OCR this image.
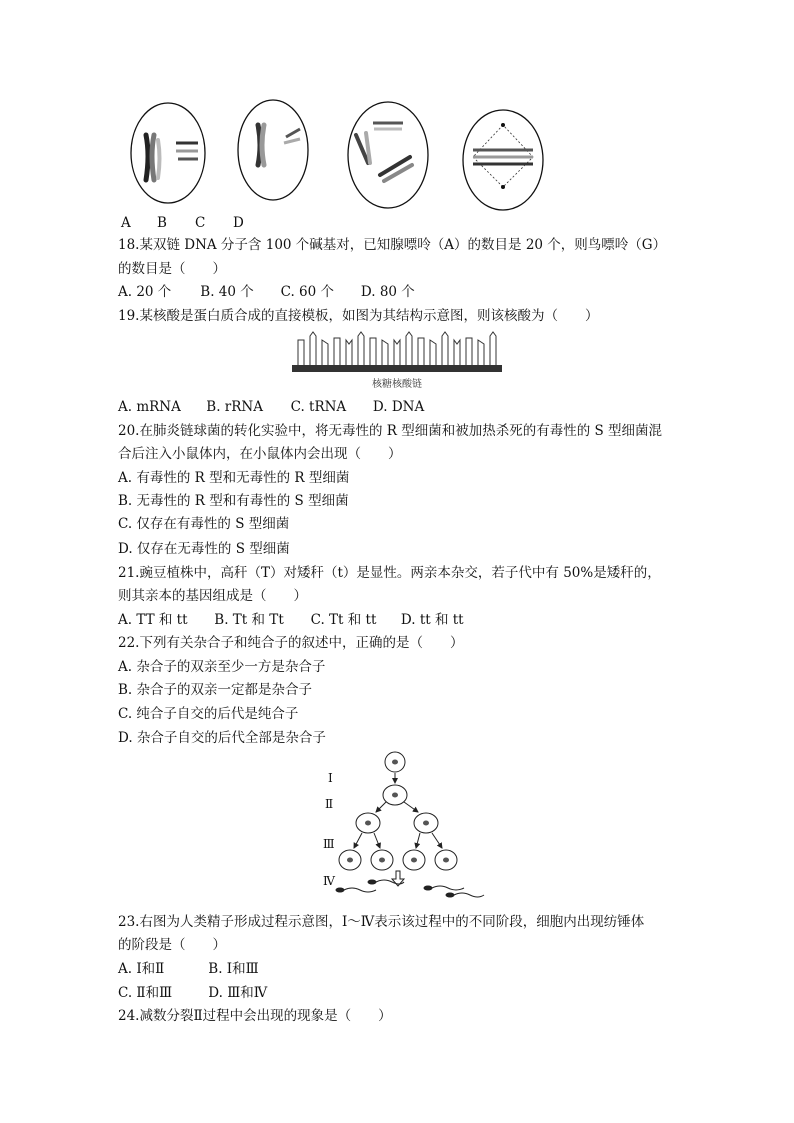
A B C D
18.某双链 DNA 分子含 100 个碱基对，已知腺嘌呤（A）的数目是 20 个，则鸟嘌呤（G）
的数目是（　　）
A. 20 个 B. 40 个 C. 60 个 D. 80 个
19.某核酸是蛋白质合成的直接模板，如图为其结构示意图，则该核酸为（　　）
核糖核酸链
A. mRNA B. rRNA C. tRNA D. DNA
20.在肺炎链球菌的转化实验中，将无毒性的 R 型细菌和被加热杀死的有毒性的 S 型细菌混
合后注入小鼠体内，在小鼠体内会出现（　　）
A. 有毒性的 R 型和无毒性的 R 型细菌
B. 无毒性的 R 型和有毒性的 S 型细菌
C. 仅存在有毒性的 S 型细菌
D. 仅存在无毒性的 S 型细菌
21.豌豆植株中，高秆（T）对矮秆（t）是显性。两亲本杂交，若子代中有 50%是矮秆的，
则其亲本的基因组成是（　　）
A. TT 和 tt B. Tt 和 Tt C. Tt 和 tt D. tt 和 tt
22.下列有关杂合子和纯合子的叙述中，正确的是（　　）
A. 杂合子的双亲至少一方是杂合子
B. 杂合子的双亲一定都是杂合子
C. 纯合子自交的后代是纯合子
D. 杂合子自交的后代全部是杂合子
Ⅰ
Ⅱ
Ⅲ
Ⅳ
23.右图为人类精子形成过程示意图，Ⅰ～Ⅳ表示该过程中的不同阶段，细胞内出现纺锤体
的阶段是（　　）
A. Ⅰ和Ⅱ	B. Ⅰ和Ⅲ
C. Ⅱ和Ⅲ	D. Ⅲ和Ⅳ
24.减数分裂Ⅱ过程中会出现的现象是（　　）
